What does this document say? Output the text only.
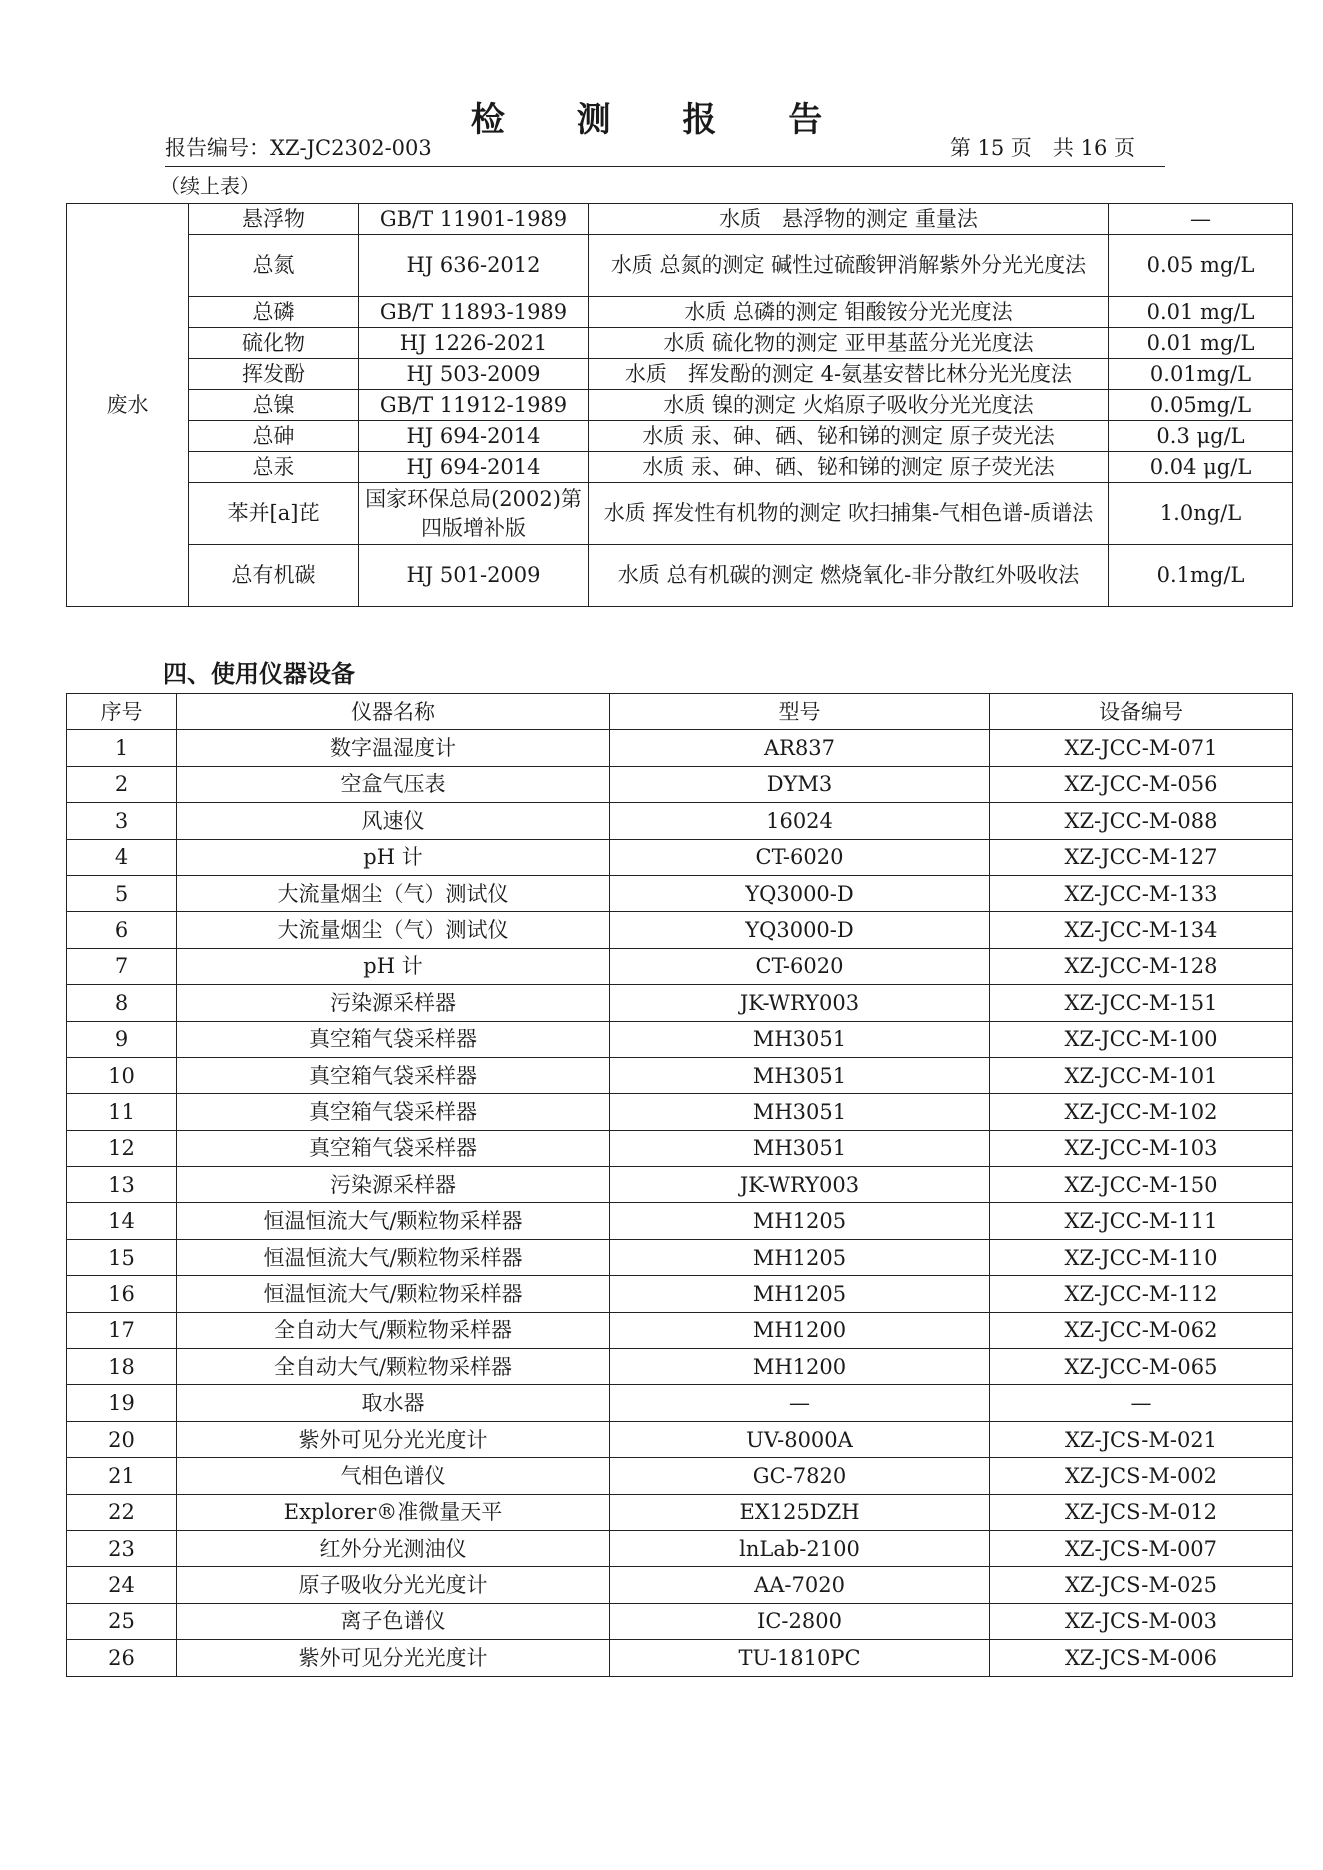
检 测 报 告
报告编号：XZ-JC2302-003	第 15 页　共 16 页
（续上表）
废水	悬浮物	GB/T 11901-1989	水质　悬浮物的测定 重量法	—
	总氮	HJ 636-2012	水质 总氮的测定 碱性过硫酸钾消解紫外分光光度法	0.05 mg/L
	总磷	GB/T 11893-1989	水质 总磷的测定 钼酸铵分光光度法	0.01 mg/L
	硫化物	HJ 1226-2021	水质 硫化物的测定 亚甲基蓝分光光度法	0.01 mg/L
	挥发酚	HJ 503-2009	水质　挥发酚的测定 4-氨基安替比林分光光度法	0.01mg/L
	总镍	GB/T 11912-1989	水质 镍的测定 火焰原子吸收分光光度法	0.05mg/L
	总砷	HJ 694-2014	水质 汞、砷、硒、铋和锑的测定 原子荧光法	0.3 μg/L
	总汞	HJ 694-2014	水质 汞、砷、硒、铋和锑的测定 原子荧光法	0.04 μg/L
	苯并[a]芘	国家环保总局(2002)第四版增补版	水质 挥发性有机物的测定 吹扫捕集-气相色谱-质谱法	1.0ng/L
	总有机碳	HJ 501-2009	水质 总有机碳的测定 燃烧氧化-非分散红外吸收法	0.1mg/L
四、使用仪器设备
序号	仪器名称	型号	设备编号
1	数字温湿度计	AR837	XZ-JCC-M-071
2	空盒气压表	DYM3	XZ-JCC-M-056
3	风速仪	16024	XZ-JCC-M-088
4	pH 计	CT-6020	XZ-JCC-M-127
5	大流量烟尘（气）测试仪	YQ3000-D	XZ-JCC-M-133
6	大流量烟尘（气）测试仪	YQ3000-D	XZ-JCC-M-134
7	pH 计	CT-6020	XZ-JCC-M-128
8	污染源采样器	JK-WRY003	XZ-JCC-M-151
9	真空箱气袋采样器	MH3051	XZ-JCC-M-100
10	真空箱气袋采样器	MH3051	XZ-JCC-M-101
11	真空箱气袋采样器	MH3051	XZ-JCC-M-102
12	真空箱气袋采样器	MH3051	XZ-JCC-M-103
13	污染源采样器	JK-WRY003	XZ-JCC-M-150
14	恒温恒流大气/颗粒物采样器	MH1205	XZ-JCC-M-111
15	恒温恒流大气/颗粒物采样器	MH1205	XZ-JCC-M-110
16	恒温恒流大气/颗粒物采样器	MH1205	XZ-JCC-M-112
17	全自动大气/颗粒物采样器	MH1200	XZ-JCC-M-062
18	全自动大气/颗粒物采样器	MH1200	XZ-JCC-M-065
19	取水器	—	—
20	紫外可见分光光度计	UV-8000A	XZ-JCS-M-021
21	气相色谱仪	GC-7820	XZ-JCS-M-002
22	Explorer®准微量天平	EX125DZH	XZ-JCS-M-012
23	红外分光测油仪	lnLab-2100	XZ-JCS-M-007
24	原子吸收分光光度计	AA-7020	XZ-JCS-M-025
25	离子色谱仪	IC-2800	XZ-JCS-M-003
26	紫外可见分光光度计	TU-1810PC	XZ-JCS-M-006
